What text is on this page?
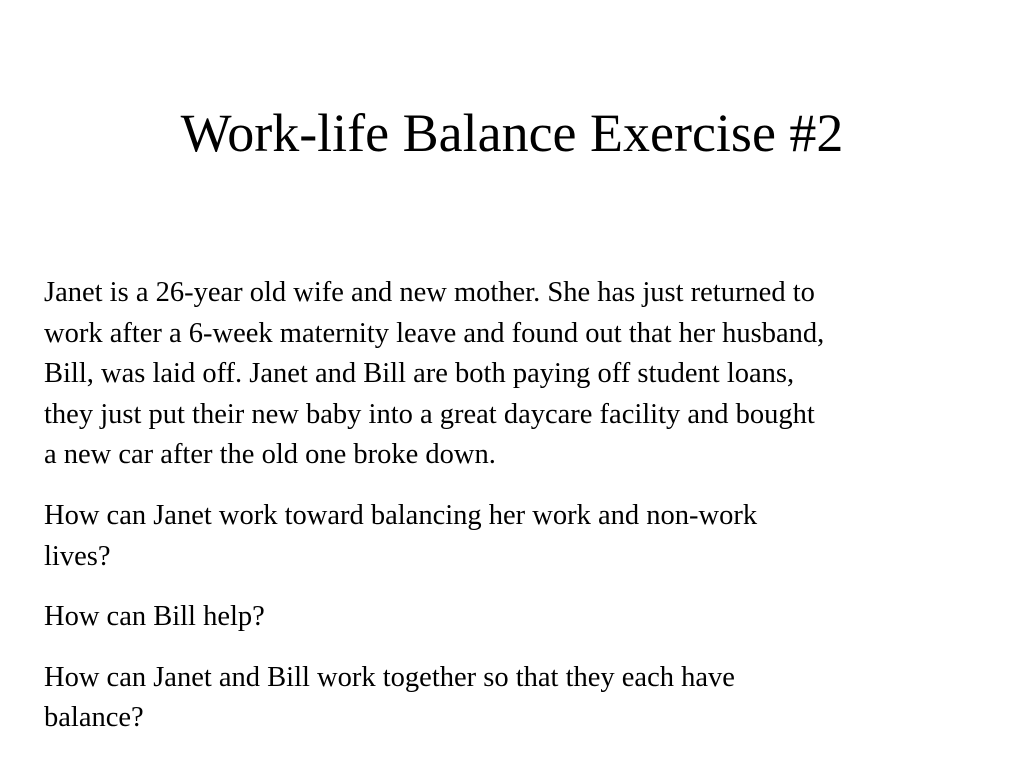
Work-life Balance Exercise #2
Janet is a 26-year old wife and new mother. She has just returned to
work after a 6-week maternity leave and found out that her husband,
Bill, was laid off. Janet and Bill are both paying off student loans,
they just put their new baby into a great daycare facility and bought
a new car after the old one broke down.
How can Janet work toward balancing her work and non-work
lives?
How can Bill help?
How can Janet and Bill work together so that they each have
balance?
